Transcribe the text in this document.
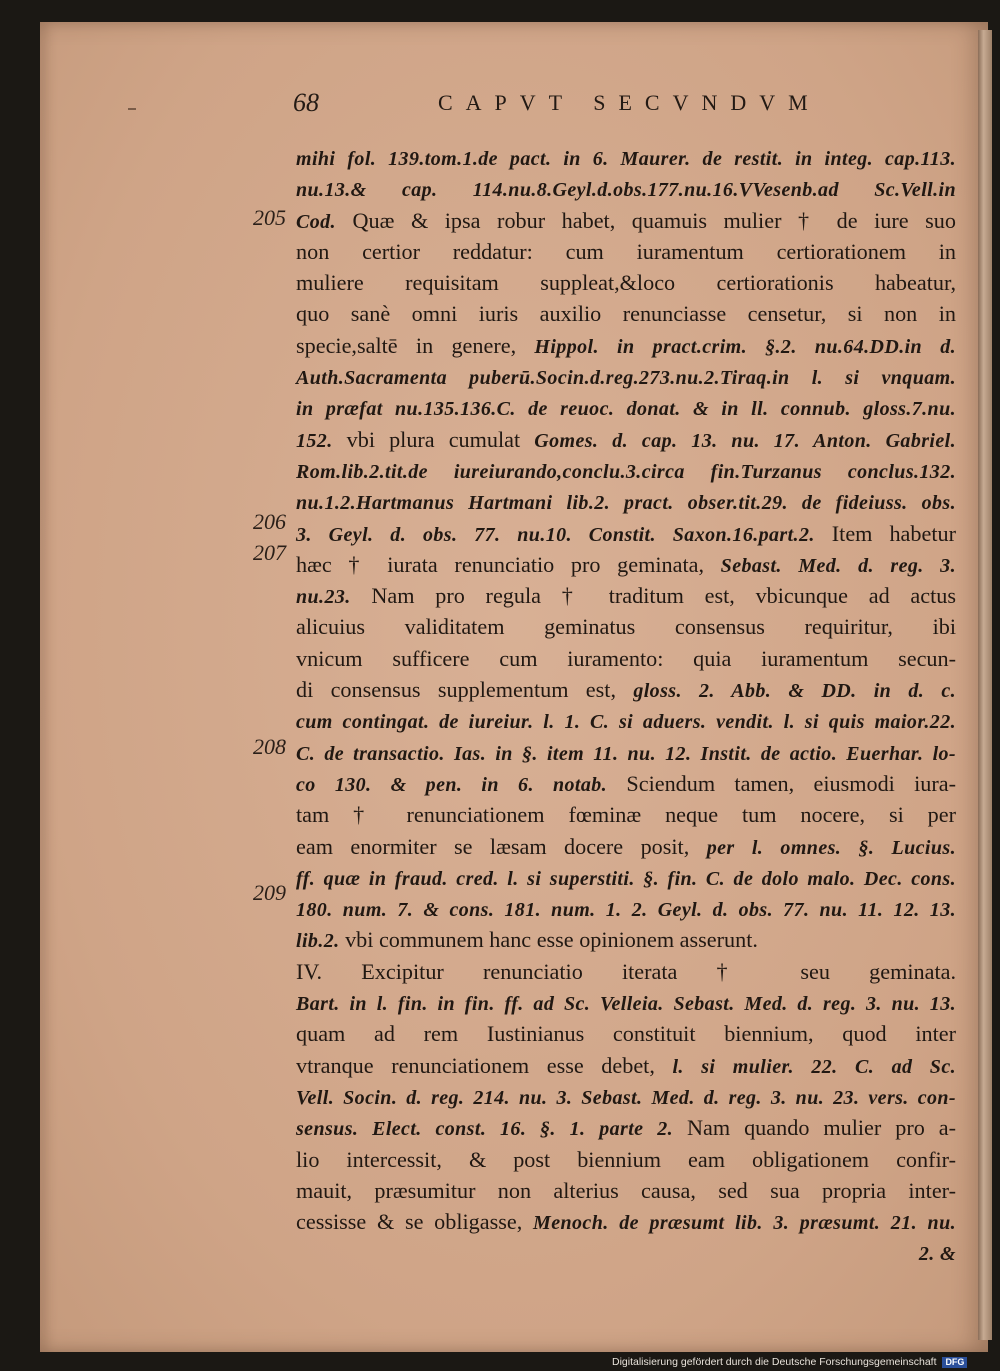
68	CAPVT SECVNDVM
205
206
207
208
209
mihi fol. 139.tom.1.de pact. in 6. Maurer. de restit. in integ. cap.113.
nu.13.& cap. 114.nu.8.Geyl.d.obs.177.nu.16.VVesenb.ad Sc.Vell.in
Cod. Quæ & ipsa robur habet, quamuis mulier † de iure suo
non certior reddatur: cum iuramentum certiorationem in
muliere requisitam suppleat,&loco certiorationis habeatur,
quo sanè omni iuris auxilio renunciasse censetur, si non in
specie,saltē in genere, Hippol. in pract.crim. §.2. nu.64.DD.in d.
Auth.Sacramenta puberū.Socin.d.reg.273.nu.2.Tiraq.in l. si vnquam.
in præfat nu.135.136.C. de reuoc. donat. & in ll. connub. gloss.7.nu.
152. vbi plura cumulat Gomes. d. cap. 13. nu. 17. Anton. Gabriel.
Rom.lib.2.tit.de iureiurando,conclu.3.circa fin.Turzanus conclus.132.
nu.1.2.Hartmanus Hartmani lib.2. pract. obser.tit.29. de fideiuss. obs.
3. Geyl. d. obs. 77. nu.10. Constit. Saxon.16.part.2. Item habetur
hæc † iurata renunciatio pro geminata, Sebast. Med. d. reg. 3.
nu.23. Nam pro regula † traditum est, vbicunque ad actus
alicuius validitatem geminatus consensus requiritur, ibi
vnicum sufficere cum iuramento: quia iuramentum secun-
di consensus supplementum est, gloss. 2. Abb. & DD. in d. c.
cum contingat. de iureiur. l. 1. C. si aduers. vendit. l. si quis maior.22.
C. de transactio. Ias. in §. item 11. nu. 12. Instit. de actio. Euerhar. lo-
co 130. & pen. in 6. notab. Sciendum tamen, eiusmodi iura-
tam † renunciationem fœminæ neque tum nocere, si per
eam enormiter se læsam docere posit, per l. omnes. §. Lucius.
ff. quæ in fraud. cred. l. si superstiti. §. fin. C. de dolo malo. Dec. cons.
180. num. 7. & cons. 181. num. 1. 2. Geyl. d. obs. 77. nu. 11. 12. 13.
lib.2. vbi communem hanc esse opinionem asserunt.
IV. Excipitur renunciatio iterata † seu geminata.
Bart. in l. fin. in fin. ff. ad Sc. Velleia. Sebast. Med. d. reg. 3. nu. 13.
quam ad rem Iustinianus constituit biennium, quod inter
vtranque renunciationem esse debet, l. si mulier. 22. C. ad Sc.
Vell. Socin. d. reg. 214. nu. 3. Sebast. Med. d. reg. 3. nu. 23. vers. con-
sensus. Elect. const. 16. §. 1. parte 2. Nam quando mulier pro a-
lio intercessit, & post biennium eam obligationem confir-
mauit, præsumitur non alterius causa, sed sua propria inter-
cessisse & se obligasse, Menoch. de præsumt lib. 3. præsumt. 21. nu.
2. &
Digitalisierung gefördert durch die Deutsche Forschungsgemeinschaft DFG
